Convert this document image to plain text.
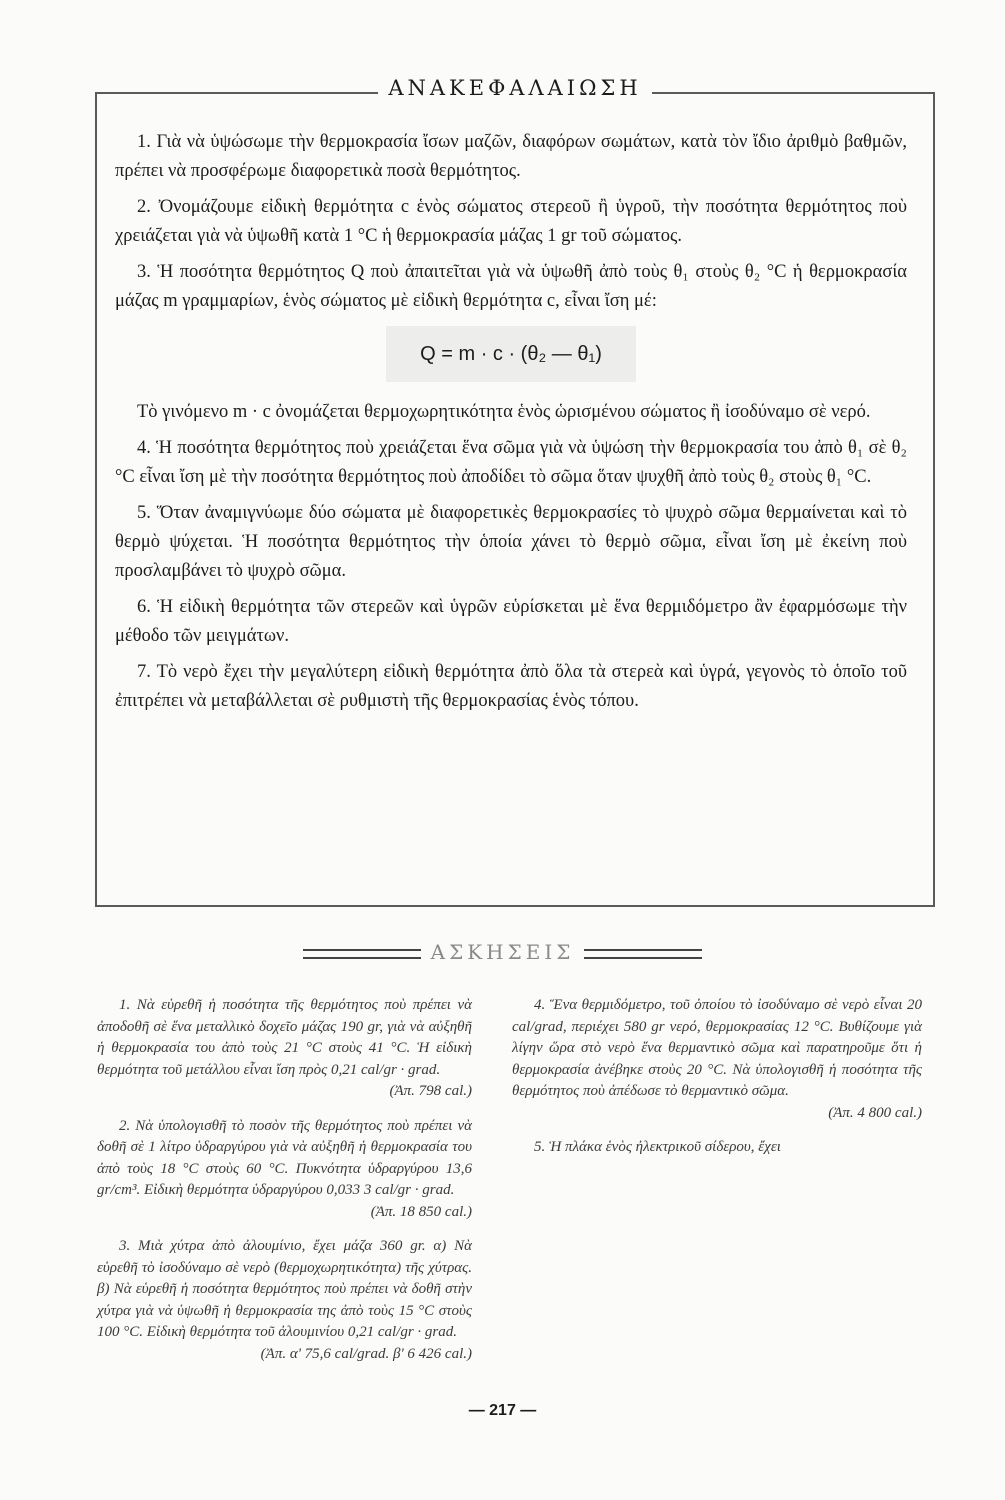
ΑΝΑΚΕΦΑΛΑΙΩΣΗ

1. Γιὰ νὰ ὑψώσωμε τὴν θερμοκρασία ἴσων μαζῶν, διαφόρων σωμάτων, κατὰ τὸν ἴδιο ἀριθμὸ βαθμῶν, πρέπει νὰ προσφέρωμε διαφορετικὰ ποσὰ θερμότητος.

2. Ὀνομάζουμε εἰδικὴ θερμότητα c ἑνὸς σώματος στερεοῦ ἢ ὑγροῦ, τὴν ποσότητα θερμότητος ποὺ χρειάζεται γιὰ νὰ ὑψωθῆ κατὰ 1 °C ἡ θερμοκρασία μάζας 1 gr τοῦ σώματος.

3. Ἡ ποσότητα θερμότητος Q ποὺ ἀπαιτεῖται γιὰ νὰ ὑψωθῆ ἀπὸ τοὺς θ₁ στοὺς θ₂ °C ἡ θερμοκρασία μάζας m γραμμαρίων, ἑνὸς σώματος μὲ εἰδικὴ θερμότητα c, εἶναι ἴση μέ:

Q = m · c · (θ₂ — θ₁)

Τὸ γινόμενο m · c ὀνομάζεται θερμοχωρητικότητα ἑνὸς ὡρισμένου σώματος ἢ ἰσοδύναμο σὲ νερό.

4. Ἡ ποσότητα θερμότητος ποὺ χρειάζεται ἕνα σῶμα γιὰ νὰ ὑψώση τὴν θερμοκρασία του ἀπὸ θ₁ σὲ θ₂ °C εἶναι ἴση μὲ τὴν ποσότητα θερμότητος ποὺ ἀποδίδει τὸ σῶμα ὅταν ψυχθῆ ἀπὸ τοὺς θ₂ στοὺς θ₁ °C.

5. Ὅταν ἀναμιγνύωμε δύο σώματα μὲ διαφορετικὲς θερμοκρασίες τὸ ψυχρὸ σῶμα θερμαίνεται καὶ τὸ θερμὸ ψύχεται. Ἡ ποσότητα θερμότητος τὴν ὁποία χάνει τὸ θερμὸ σῶμα, εἶναι ἴση μὲ ἐκείνη ποὺ προσλαμβάνει τὸ ψυχρὸ σῶμα.

6. Ἡ εἰδικὴ θερμότητα τῶν στερεῶν καὶ ὑγρῶν εὑρίσκεται μὲ ἕνα θερμιδόμετρο ἂν ἐφαρμόσωμε τὴν μέθοδο τῶν μειγμάτων.

7. Τὸ νερὸ ἔχει τὴν μεγαλύτερη εἰδικὴ θερμότητα ἀπὸ ὅλα τὰ στερεὰ καὶ ὑγρά, γεγονὸς τὸ ὁποῖο τοῦ ἐπιτρέπει νὰ μεταβάλλεται σὲ ρυθμιστὴ τῆς θερμοκρασίας ἑνὸς τόπου.

ΑΣΚΗΣΕΙΣ

1. Νὰ εὑρεθῆ ἡ ποσότητα τῆς θερμότητος ποὺ πρέπει νὰ ἀποδοθῆ σὲ ἕνα μεταλλικὸ δοχεῖο μάζας 190 gr, γιὰ νὰ αὐξηθῆ ἡ θερμοκρασία του ἀπὸ τοὺς 21 °C στοὺς 41 °C. Ἡ εἰδικὴ θερμότητα τοῦ μετάλλου εἶναι ἴση πρὸς 0,21 cal/gr · grad.
(Ἀπ. 798 cal.)

2. Νὰ ὑπολογισθῆ τὸ ποσὸν τῆς θερμότητος ποὺ πρέπει νὰ δοθῆ σὲ 1 λίτρο ὑδραργύρου γιὰ νὰ αὐξηθῆ ἡ θερμοκρασία του ἀπὸ τοὺς 18 °C στοὺς 60 °C. Πυκνότητα ὑδραργύρου 13,6 gr/cm³. Εἰδικὴ θερμότητα ὑδραργύρου 0,033 3 cal/gr · grad.
(Ἀπ. 18 850 cal.)

3. Μιὰ χύτρα ἀπὸ ἀλουμίνιο, ἔχει μάζα 360 gr. α) Νὰ εὑρεθῆ τὸ ἰσοδύναμο σὲ νερὸ (θερμοχωρητικότητα) τῆς χύτρας. β) Νὰ εὑρεθῆ ἡ ποσότητα θερμότητος ποὺ πρέπει νὰ δοθῆ στὴν χύτρα γιὰ νὰ ὑψωθῆ ἡ θερμοκρασία της ἀπὸ τοὺς 15 °C στοὺς 100 °C. Εἰδικὴ θερμότητα τοῦ ἀλουμινίου 0,21 cal/gr · grad.
(Ἀπ. α' 75,6 cal/grad. β' 6 426 cal.)

4. Ἕνα θερμιδόμετρο, τοῦ ὁποίου τὸ ἰσοδύναμο σὲ νερὸ εἶναι 20 cal/grad, περιέχει 580 gr νερό, θερμοκρασίας 12 °C. Βυθίζουμε γιὰ λίγην ὥρα στὸ νερὸ ἕνα θερμαντικὸ σῶμα καὶ παρατηροῦμε ὅτι ἡ θερμοκρασία ἀνέβηκε στοὺς 20 °C. Νὰ ὑπολογισθῆ ἡ ποσότητα τῆς θερμότητος ποὺ ἀπέδωσε τὸ θερμαντικὸ σῶμα.
(Ἀπ. 4 800 cal.)

5. Ἡ πλάκα ἑνὸς ἠλεκτρικοῦ σίδερου, ἔχει

— 217 —
